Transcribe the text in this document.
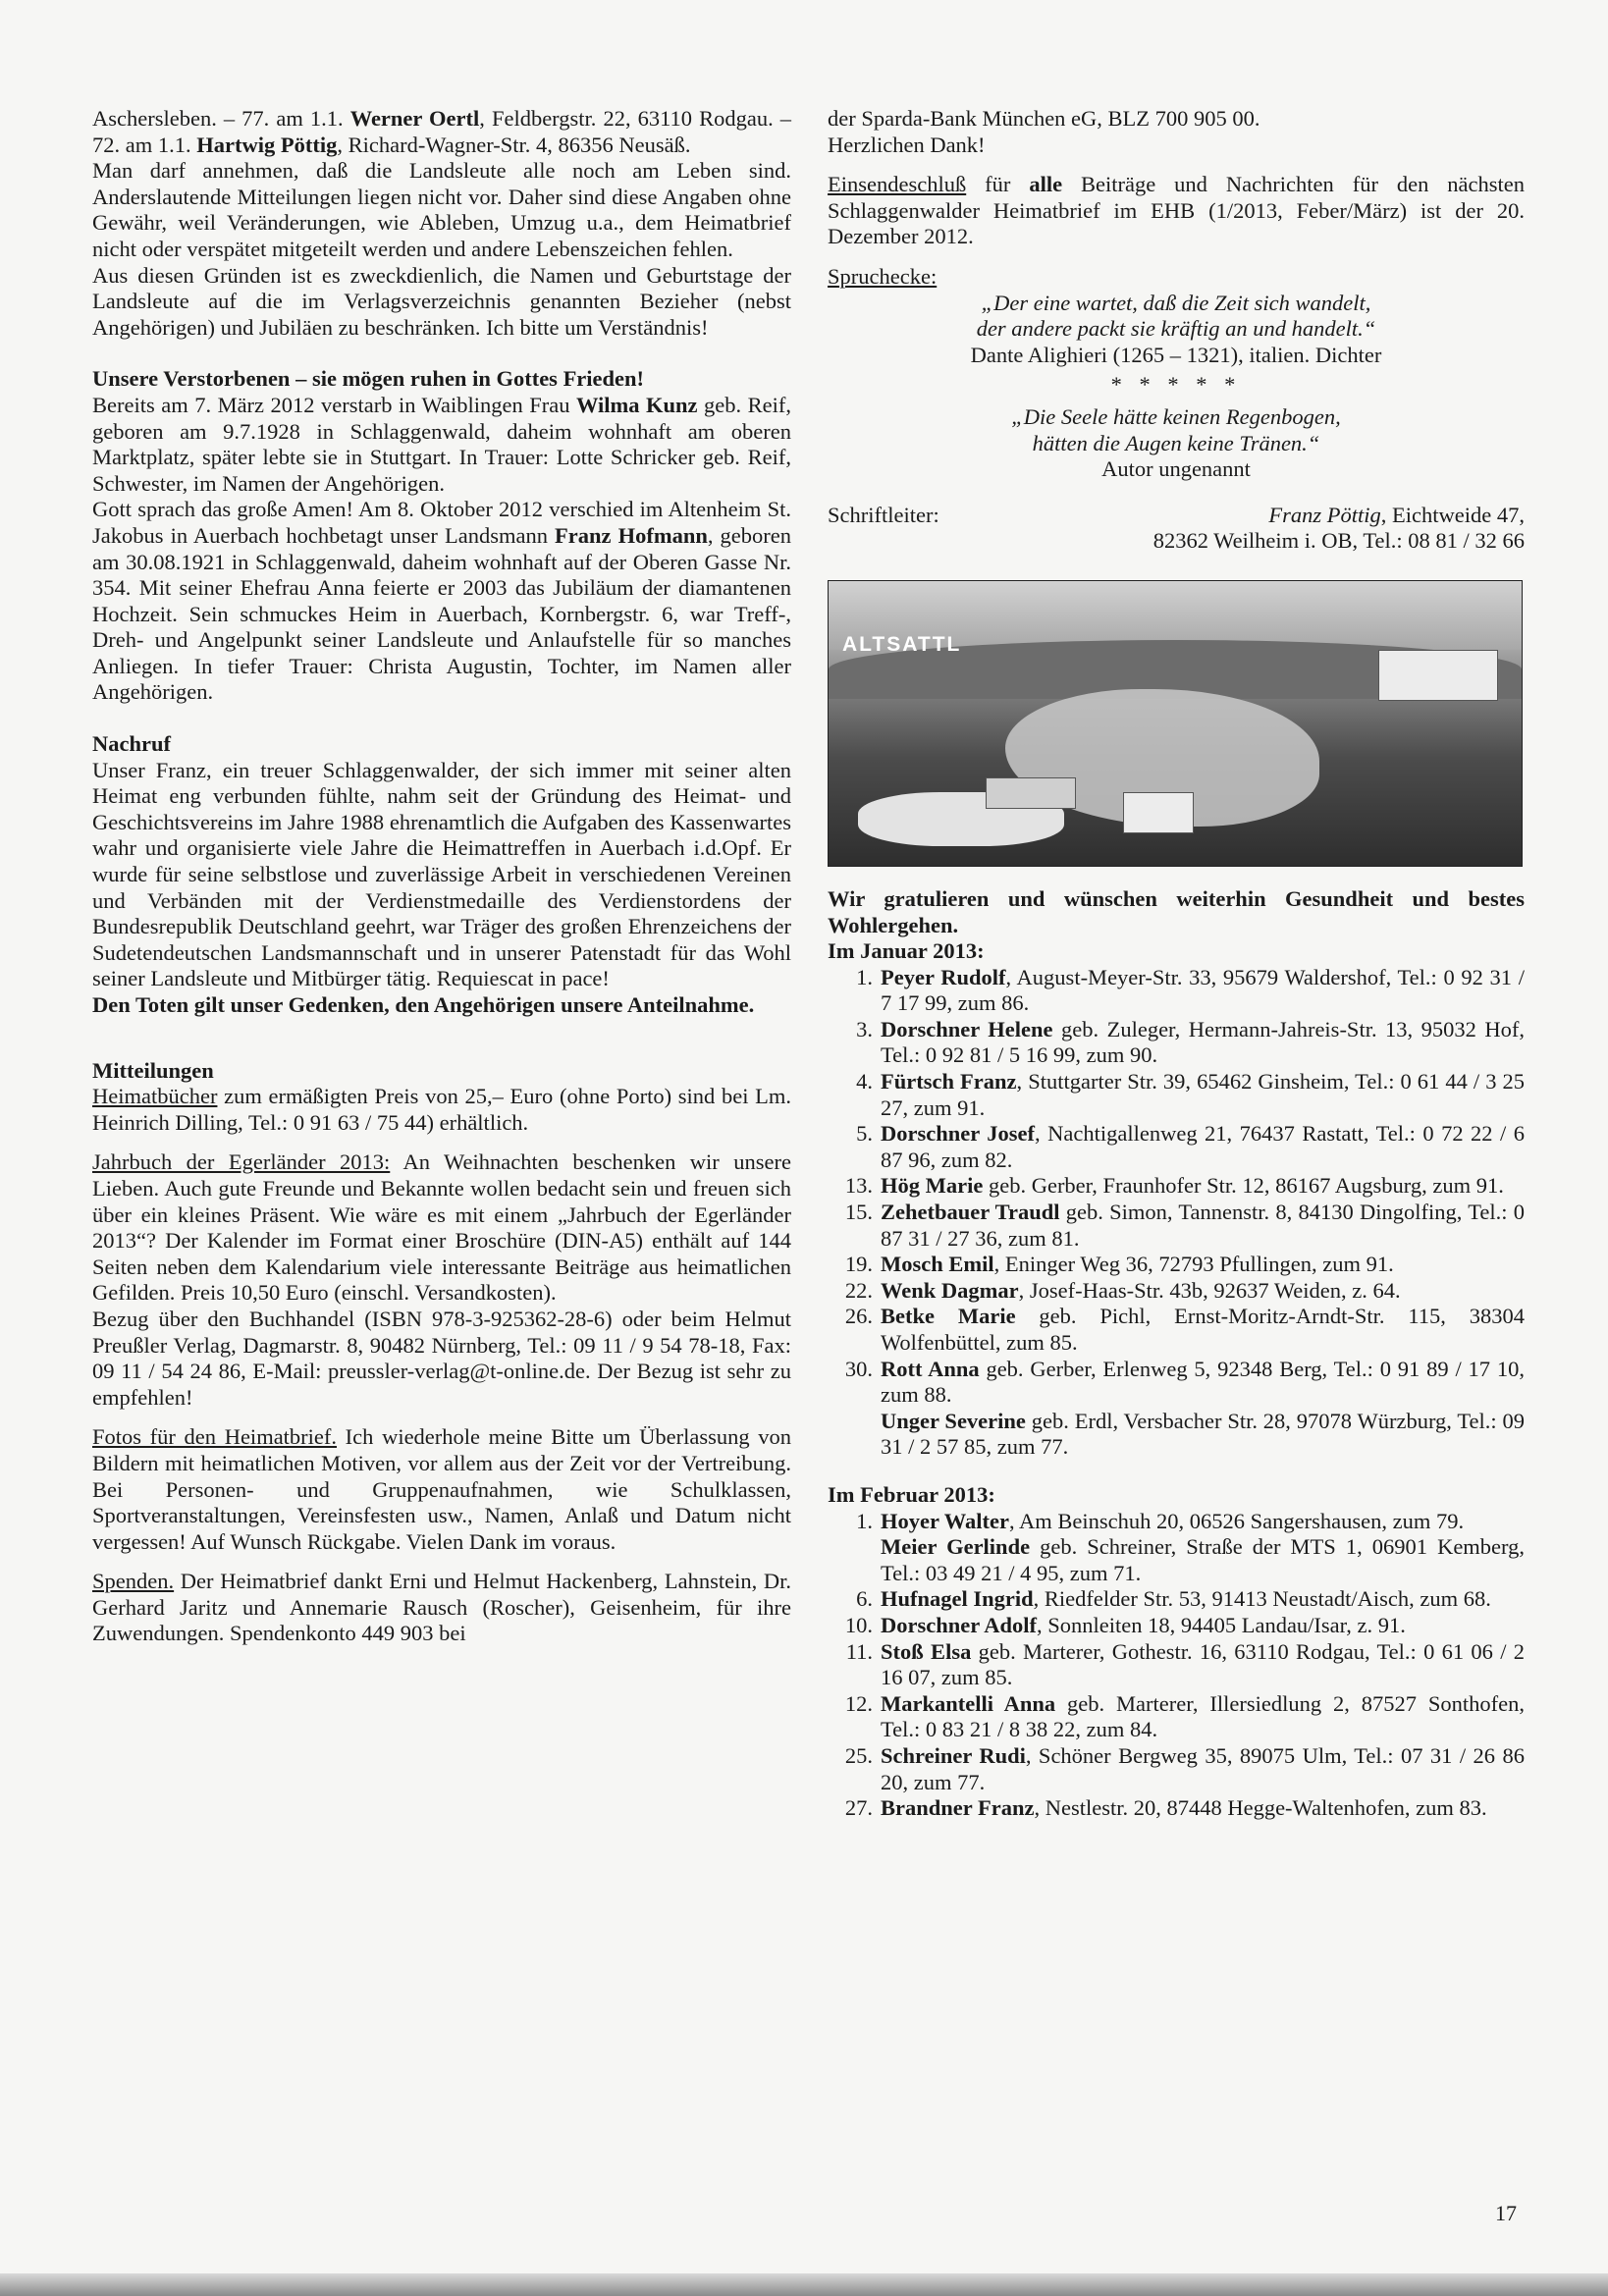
Aschersleben. – 77. am 1.1. Werner Oertl, Feldbergstr. 22, 63110 Rodgau. – 72. am 1.1. Hartwig Pöttig, Richard-Wagner-Str. 4, 86356 Neusäß.

Man darf annehmen, daß die Landsleute alle noch am Leben sind. Anderslautende Mitteilungen liegen nicht vor. Daher sind diese Angaben ohne Gewähr, weil Veränderungen, wie Ableben, Umzug u.a., dem Heimatbrief nicht oder verspätet mitgeteilt werden und andere Lebenszeichen fehlen.

Aus diesen Gründen ist es zweckdienlich, die Namen und Geburtstage der Landsleute auf die im Verlagsverzeichnis genannten Bezieher (nebst Angehörigen) und Jubiläen zu beschränken. Ich bitte um Verständnis!

Unsere Verstorbenen – sie mögen ruhen in Gottes Frieden!

Bereits am 7. März 2012 verstarb in Waiblingen Frau Wilma Kunz geb. Reif, geboren am 9.7.1928 in Schlaggenwald, daheim wohnhaft am oberen Marktplatz, später lebte sie in Stuttgart. In Trauer: Lotte Schricker geb. Reif, Schwester, im Namen der Angehörigen.

Gott sprach das große Amen! Am 8. Oktober 2012 verschied im Altenheim St. Jakobus in Auerbach hochbetagt unser Landsmann Franz Hofmann, geboren am 30.08.1921 in Schlaggenwald, daheim wohnhaft auf der Oberen Gasse Nr. 354. Mit seiner Ehefrau Anna feierte er 2003 das Jubiläum der diamantenen Hochzeit. Sein schmuckes Heim in Auerbach, Kornbergstr. 6, war Treff-, Dreh- und Angelpunkt seiner Landsleute und Anlaufstelle für so manches Anliegen. In tiefer Trauer: Christa Augustin, Tochter, im Namen aller Angehörigen.

Nachruf

Unser Franz, ein treuer Schlaggenwalder, der sich immer mit seiner alten Heimat eng verbunden fühlte, nahm seit der Gründung des Heimat- und Geschichtsvereins im Jahre 1988 ehrenamtlich die Aufgaben des Kassenwartes wahr und organisierte viele Jahre die Heimattreffen in Auerbach i.d.Opf. Er wurde für seine selbstlose und zuverlässige Arbeit in verschiedenen Vereinen und Verbänden mit der Verdienstmedaille des Verdienstordens der Bundesrepublik Deutschland geehrt, war Träger des großen Ehrenzeichens der Sudetendeutschen Landsmannschaft und in unserer Patenstadt für das Wohl seiner Landsleute und Mitbürger tätig. Requiescat in pace!

Den Toten gilt unser Gedenken, den Angehörigen unsere Anteilnahme.

Mitteilungen

Heimatbücher zum ermäßigten Preis von 25,– Euro (ohne Porto) sind bei Lm. Heinrich Dilling, Tel.: 0 91 63 / 75 44) erhältlich.

Jahrbuch der Egerländer 2013: An Weihnachten beschenken wir unsere Lieben. Auch gute Freunde und Bekannte wollen bedacht sein und freuen sich über ein kleines Präsent. Wie wäre es mit einem „Jahrbuch der Egerländer 2013“? Der Kalender im Format einer Broschüre (DIN-A5) enthält auf 144 Seiten neben dem Kalendarium viele interessante Beiträge aus heimatlichen Gefilden. Preis 10,50 Euro (einschl. Versandkosten).

Bezug über den Buchhandel (ISBN 978-3-925362-28-6) oder beim Helmut Preußler Verlag, Dagmarstr. 8, 90482 Nürnberg, Tel.: 09 11 / 9 54 78-18, Fax: 09 11 / 54 24 86, E-Mail: preussler-verlag@t-online.de. Der Bezug ist sehr zu empfehlen!

Fotos für den Heimatbrief. Ich wiederhole meine Bitte um Überlassung von Bildern mit heimatlichen Motiven, vor allem aus der Zeit vor der Vertreibung. Bei Personen- und Gruppenaufnahmen, wie Schulklassen, Sportveranstaltungen, Vereinsfesten usw., Namen, Anlaß und Datum nicht vergessen! Auf Wunsch Rückgabe. Vielen Dank im voraus.

Spenden. Der Heimatbrief dankt Erni und Helmut Hackenberg, Lahnstein, Dr. Gerhard Jaritz und Annemarie Rausch (Roscher), Geisenheim, für ihre Zuwendungen. Spendenkonto 449 903 bei

der Sparda-Bank München eG, BLZ 700 905 00.

Herzlichen Dank!

Einsendeschluß für alle Beiträge und Nachrichten für den nächsten Schlaggenwalder Heimatbrief im EHB (1/2013, Feber/März) ist der 20. Dezember 2012.

Spruchecke:

„Der eine wartet, daß die Zeit sich wandelt,

der andere packt sie kräftig an und handelt.“

Dante Alighieri (1265 – 1321), italien. Dichter

* * * * *

„Die Seele hätte keinen Regenbogen,

hätten die Augen keine Tränen.“

Autor ungenannt

Schriftleiter:	Franz Pöttig, Eichtweide 47,
82362 Weilheim i. OB, Tel.: 08 81 / 32 66
ALTSATTL

Wir gratulieren und wünschen weiterhin Gesundheit und bestes Wohlergehen.

Im Januar 2013:

1. Peyer Rudolf, August-Meyer-Str. 33, 95679 Waldershof, Tel.: 0 92 31 / 7 17 99, zum 86.
3. Dorschner Helene geb. Zuleger, Hermann-Jahreis-Str. 13, 95032 Hof, Tel.: 0 92 81 / 5 16 99, zum 90.
4. Fürtsch Franz, Stuttgarter Str. 39, 65462 Ginsheim, Tel.: 0 61 44 / 3 25 27, zum 91.
5. Dorschner Josef, Nachtigallenweg 21, 76437 Rastatt, Tel.: 0 72 22 / 6 87 96, zum 82.
13. Hög Marie geb. Gerber, Fraunhofer Str. 12, 86167 Augsburg, zum 91.
15. Zehetbauer Traudl geb. Simon, Tannenstr. 8, 84130 Dingolfing, Tel.: 0 87 31 / 27 36, zum 81.
19. Mosch Emil, Eninger Weg 36, 72793 Pfullingen, zum 91.
22. Wenk Dagmar, Josef-Haas-Str. 43b, 92637 Weiden, z. 64.
26. Betke Marie geb. Pichl, Ernst-Moritz-Arndt-Str. 115, 38304 Wolfenbüttel, zum 85.
30. Rott Anna geb. Gerber, Erlenweg 5, 92348 Berg, Tel.: 0 91 89 / 17 10, zum 88.
Unger Severine geb. Erdl, Versbacher Str. 28, 97078 Würzburg, Tel.: 09 31 / 2 57 85, zum 77.

Im Februar 2013:

1. Hoyer Walter, Am Beinschuh 20, 06526 Sangershausen, zum 79.
Meier Gerlinde geb. Schreiner, Straße der MTS 1, 06901 Kemberg, Tel.: 03 49 21 / 4 95, zum 71.
6. Hufnagel Ingrid, Riedfelder Str. 53, 91413 Neustadt/Aisch, zum 68.
10. Dorschner Adolf, Sonnleiten 18, 94405 Landau/Isar, z. 91.
11. Stoß Elsa geb. Marterer, Gothestr. 16, 63110 Rodgau, Tel.: 0 61 06 / 2 16 07, zum 85.
12. Markantelli Anna geb. Marterer, Illersiedlung 2, 87527 Sonthofen, Tel.: 0 83 21 / 8 38 22, zum 84.
25. Schreiner Rudi, Schöner Bergweg 35, 89075 Ulm, Tel.: 07 31 / 26 86 20, zum 77.
27. Brandner Franz, Nestlestr. 20, 87448 Hegge-Waltenhofen, zum 83.
17
